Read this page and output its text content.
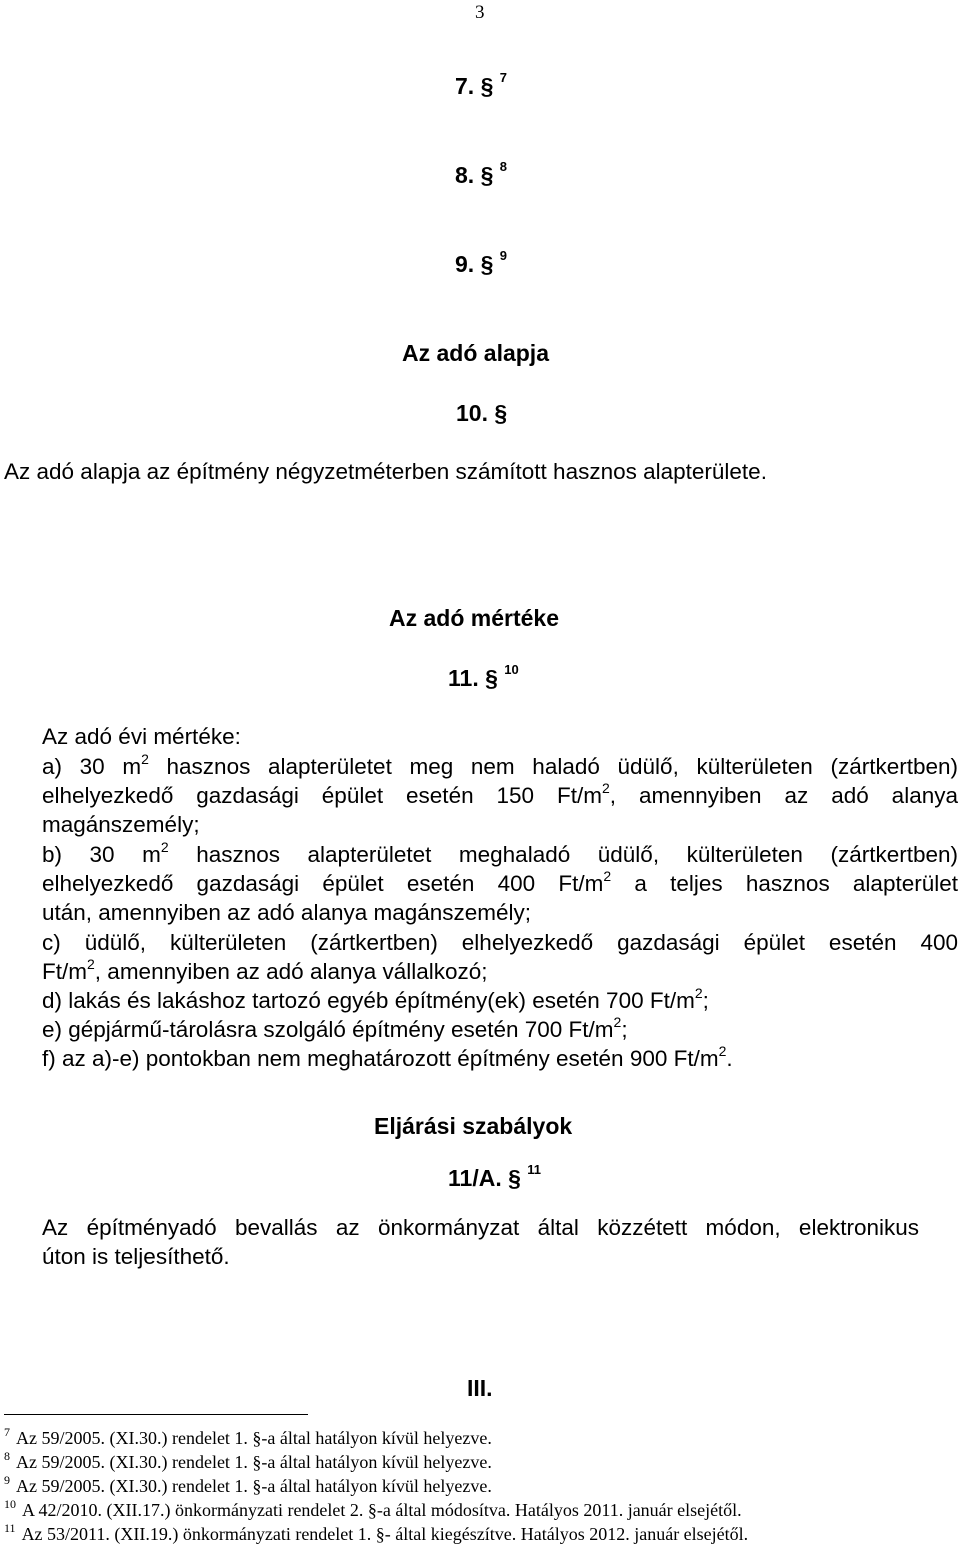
3
7. § $^7$
8. § $^8$
9. § $^9$
Az adó alapja
10. §
Az adó alapja az építmény négyzetméterben számított hasznos alapterülete.
Az adó mértéke
11. § $^{10}$
Az adó évi mértéke:
a) 30 $m^2$ hasznos alapterületet meg nem haladó üdülő, külterületen (zártkertben)
elhelyezkedő gazdasági épület esetén 150 $Ft/m^2$, amennyiben az adó alanya
magánszemély;
b) 30 $m^2$ hasznos alapterületet meghaladó üdülő, külterületen (zártkertben)
elhelyezkedő gazdasági épület esetén 400 $Ft/m^2$ a teljes hasznos alapterület
után, amennyiben az adó alanya magánszemély;
c) üdülő, külterületen (zártkertben) elhelyezkedő gazdasági épület esetén 400
$Ft/m^2$, amennyiben az adó alanya vállalkozó;
d) lakás és lakáshoz tartozó egyéb építmény(ek) esetén 700 $Ft/m^2$;
e) gépjármű-tárolásra szolgáló építmény esetén 700 $Ft/m^2$;
f) az a)-e) pontokban nem meghatározott építmény esetén 900 $Ft/m^2$.
Eljárási szabályok
11/A. § $^{11}$
Az építményadó bevallás az önkormányzat által közzétett módon, elektronikus
úton is teljesíthető.
III.
$^7$ Az 59/2005. (XI.30.) rendelet 1. §-a által hatályon kívül helyezve.
$^8$ Az 59/2005. (XI.30.) rendelet 1. §-a által hatályon kívül helyezve.
$^9$ Az 59/2005. (XI.30.) rendelet 1. §-a által hatályon kívül helyezve.
$^{10}$ A 42/2010. (XII.17.) önkormányzati rendelet 2. §-a által módosítva. Hatályos 2011. január elsejétől.
$^{11}$ Az 53/2011. (XII.19.) önkormányzati rendelet 1. §- által kiegészítve. Hatályos 2012. január elsejétől.
